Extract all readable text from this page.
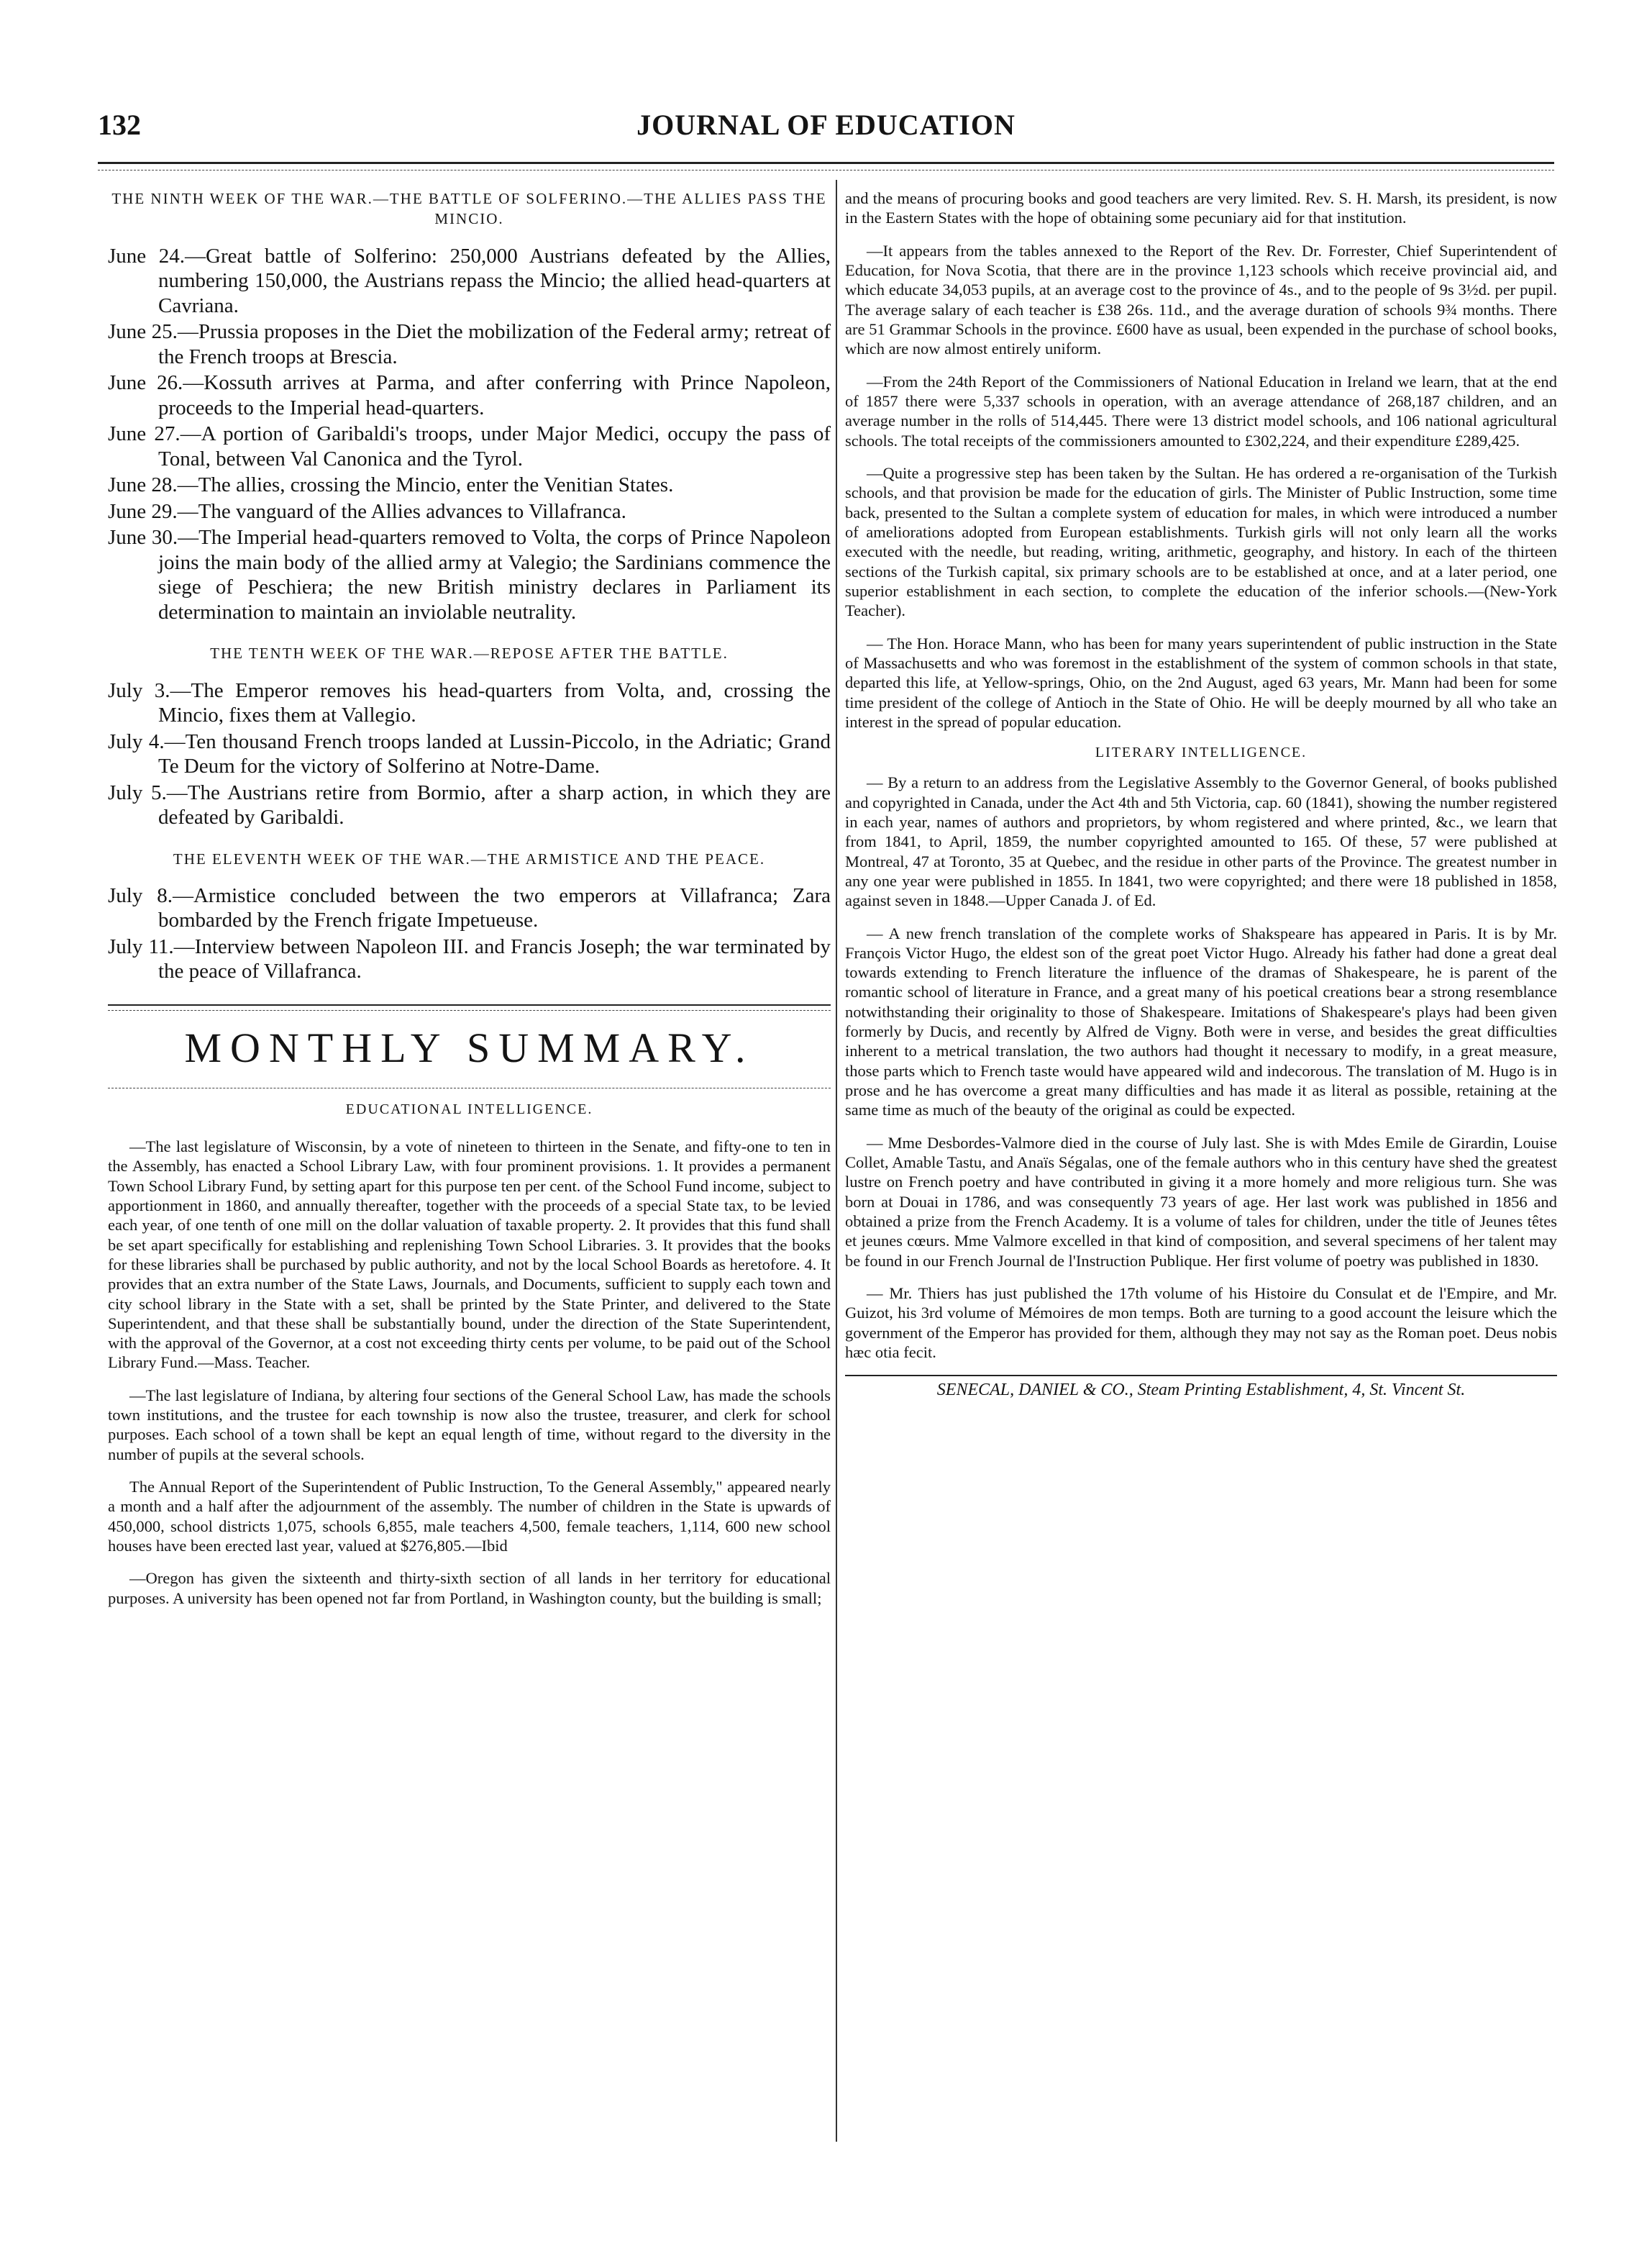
132	JOURNAL OF EDUCATION
THE NINTH WEEK OF THE WAR.—THE BATTLE OF SOLFERINO.—THE ALLIES PASS THE MINCIO.
June 24.—Great battle of Solferino: 250,000 Austrians defeated by the Allies, numbering 150,000, the Austrians repass the Mincio; the allied head-quarters at Cavriana.
June 25.—Prussia proposes in the Diet the mobilization of the Federal army; retreat of the French troops at Brescia.
June 26.—Kossuth arrives at Parma, and after conferring with Prince Napoleon, proceeds to the Imperial head-quarters.
June 27.—A portion of Garibaldi's troops, under Major Medici, occupy the pass of Tonal, between Val Canonica and the Tyrol.
June 28.—The allies, crossing the Mincio, enter the Venitian States.
June 29.—The vanguard of the Allies advances to Villafranca.
June 30.—The Imperial head-quarters removed to Volta, the corps of Prince Napoleon joins the main body of the allied army at Valegio; the Sardinians commence the siege of Peschiera; the new British ministry declares in Parliament its determination to maintain an inviolable neutrality.
THE TENTH WEEK OF THE WAR.—REPOSE AFTER THE BATTLE.
July 3.—The Emperor removes his head-quarters from Volta, and, crossing the Mincio, fixes them at Vallegio.
July 4.—Ten thousand French troops landed at Lussin-Piccolo, in the Adriatic; Grand Te Deum for the victory of Solferino at Notre-Dame.
July 5.—The Austrians retire from Bormio, after a sharp action, in which they are defeated by Garibaldi.
THE ELEVENTH WEEK OF THE WAR.—THE ARMISTICE AND THE PEACE.
July 8.—Armistice concluded between the two emperors at Villafranca; Zara bombarded by the French frigate Impetueuse.
July 11.—Interview between Napoleon III. and Francis Joseph; the war terminated by the peace of Villafranca.
MONTHLY SUMMARY.
EDUCATIONAL INTELLIGENCE.

—The last legislature of Wisconsin, by a vote of nineteen to thirteen in the Senate, and fifty-one to ten in the Assembly, has enacted a School Library Law, with four prominent provisions. 1. It provides a permanent Town School Library Fund, by setting apart for this purpose ten per cent. of the School Fund income, subject to apportionment in 1860, and annually thereafter, together with the proceeds of a special State tax, to be levied each year, of one tenth of one mill on the dollar valuation of taxable property. 2. It provides that this fund shall be set apart specifically for establishing and replenishing Town School Libraries. 3. It provides that the books for these libraries shall be purchased by public authority, and not by the local School Boards as heretofore. 4. It provides that an extra number of the State Laws, Journals, and Documents, sufficient to supply each town and city school library in the State with a set, shall be printed by the State Printer, and delivered to the State Superintendent, and that these shall be substantially bound, under the direction of the State Superintendent, with the approval of the Governor, at a cost not exceeding thirty cents per volume, to be paid out of the School Library Fund.—Mass. Teacher.

—The last legislature of Indiana, by altering four sections of the General School Law, has made the schools town institutions, and the trustee for each township is now also the trustee, treasurer, and clerk for school purposes. Each school of a town shall be kept an equal length of time, without regard to the diversity in the number of pupils at the several schools.

The Annual Report of the Superintendent of Public Instruction, To the General Assembly," appeared nearly a month and a half after the adjournment of the assembly. The number of children in the State is upwards of 450,000, school districts 1,075, schools 6,855, male teachers 4,500, female teachers, 1,114, 600 new school houses have been erected last year, valued at $276,805.—Ibid

—Oregon has given the sixteenth and thirty-sixth section of all lands in her territory for educational purposes. A university has been opened not far from Portland, in Washington county, but the building is small;

and the means of procuring books and good teachers are very limited. Rev. S. H. Marsh, its president, is now in the Eastern States with the hope of obtaining some pecuniary aid for that institution.

—It appears from the tables annexed to the Report of the Rev. Dr. Forrester, Chief Superintendent of Education, for Nova Scotia, that there are in the province 1,123 schools which receive provincial aid, and which educate 34,053 pupils, at an average cost to the province of 4s., and to the people of 9s 3½d. per pupil. The average salary of each teacher is £38 26s. 11d., and the average duration of schools 9¾ months. There are 51 Grammar Schools in the province. £600 have as usual, been expended in the purchase of school books, which are now almost entirely uniform.

—From the 24th Report of the Commissioners of National Education in Ireland we learn, that at the end of 1857 there were 5,337 schools in operation, with an average attendance of 268,187 children, and an average number in the rolls of 514,445. There were 13 district model schools, and 106 national agricultural schools. The total receipts of the commissioners amounted to £302,224, and their expenditure £289,425.

—Quite a progressive step has been taken by the Sultan. He has ordered a re-organisation of the Turkish schools, and that provision be made for the education of girls. The Minister of Public Instruction, some time back, presented to the Sultan a complete system of education for males, in which were introduced a number of ameliorations adopted from European establishments. Turkish girls will not only learn all the works executed with the needle, but reading, writing, arithmetic, geography, and history. In each of the thirteen sections of the Turkish capital, six primary schools are to be established at once, and at a later period, one superior establishment in each section, to complete the education of the inferior schools.—(New-York Teacher).

— The Hon. Horace Mann, who has been for many years superintendent of public instruction in the State of Massachusetts and who was foremost in the establishment of the system of common schools in that state, departed this life, at Yellow-springs, Ohio, on the 2nd August, aged 63 years, Mr. Mann had been for some time president of the college of Antioch in the State of Ohio. He will be deeply mourned by all who take an interest in the spread of popular education.

LITERARY INTELLIGENCE.

— By a return to an address from the Legislative Assembly to the Governor General, of books published and copyrighted in Canada, under the Act 4th and 5th Victoria, cap. 60 (1841), showing the number registered in each year, names of authors and proprietors, by whom registered and where printed, &c., we learn that from 1841, to April, 1859, the number copyrighted amounted to 165. Of these, 57 were published at Montreal, 47 at Toronto, 35 at Quebec, and the residue in other parts of the Province. The greatest number in any one year were published in 1855. In 1841, two were copyrighted; and there were 18 published in 1858, against seven in 1848.—Upper Canada J. of Ed.

— A new french translation of the complete works of Shakspeare has appeared in Paris. It is by Mr. François Victor Hugo, the eldest son of the great poet Victor Hugo. Already his father had done a great deal towards extending to French literature the influence of the dramas of Shakespeare, he is parent of the romantic school of literature in France, and a great many of his poetical creations bear a strong resemblance notwithstanding their originality to those of Shakespeare. Imitations of Shakespeare's plays had been given formerly by Ducis, and recently by Alfred de Vigny. Both were in verse, and besides the great difficulties inherent to a metrical translation, the two authors had thought it necessary to modify, in a great measure, those parts which to French taste would have appeared wild and indecorous. The translation of M. Hugo is in prose and he has overcome a great many difficulties and has made it as literal as possible, retaining at the same time as much of the beauty of the original as could be expected.

— Mme Desbordes-Valmore died in the course of July last. She is with Mdes Emile de Girardin, Louise Collet, Amable Tastu, and Anaïs Ségalas, one of the female authors who in this century have shed the greatest lustre on French poetry and have contributed in giving it a more homely and more religious turn. She was born at Douai in 1786, and was consequently 73 years of age. Her last work was published in 1856 and obtained a prize from the French Academy. It is a volume of tales for children, under the title of Jeunes têtes et jeunes cœurs. Mme Valmore excelled in that kind of composition, and several specimens of her talent may be found in our French Journal de l'Instruction Publique. Her first volume of poetry was published in 1830.

— Mr. Thiers has just published the 17th volume of his Histoire du Consulat et de l'Empire, and Mr. Guizot, his 3rd volume of Mémoires de mon temps. Both are turning to a good account the leisure which the government of the Emperor has provided for them, although they may not say as the Roman poet. Deus nobis hæc otia fecit.

SENECAL, DANIEL & CO., Steam Printing Establishment, 4, St. Vincent St.
